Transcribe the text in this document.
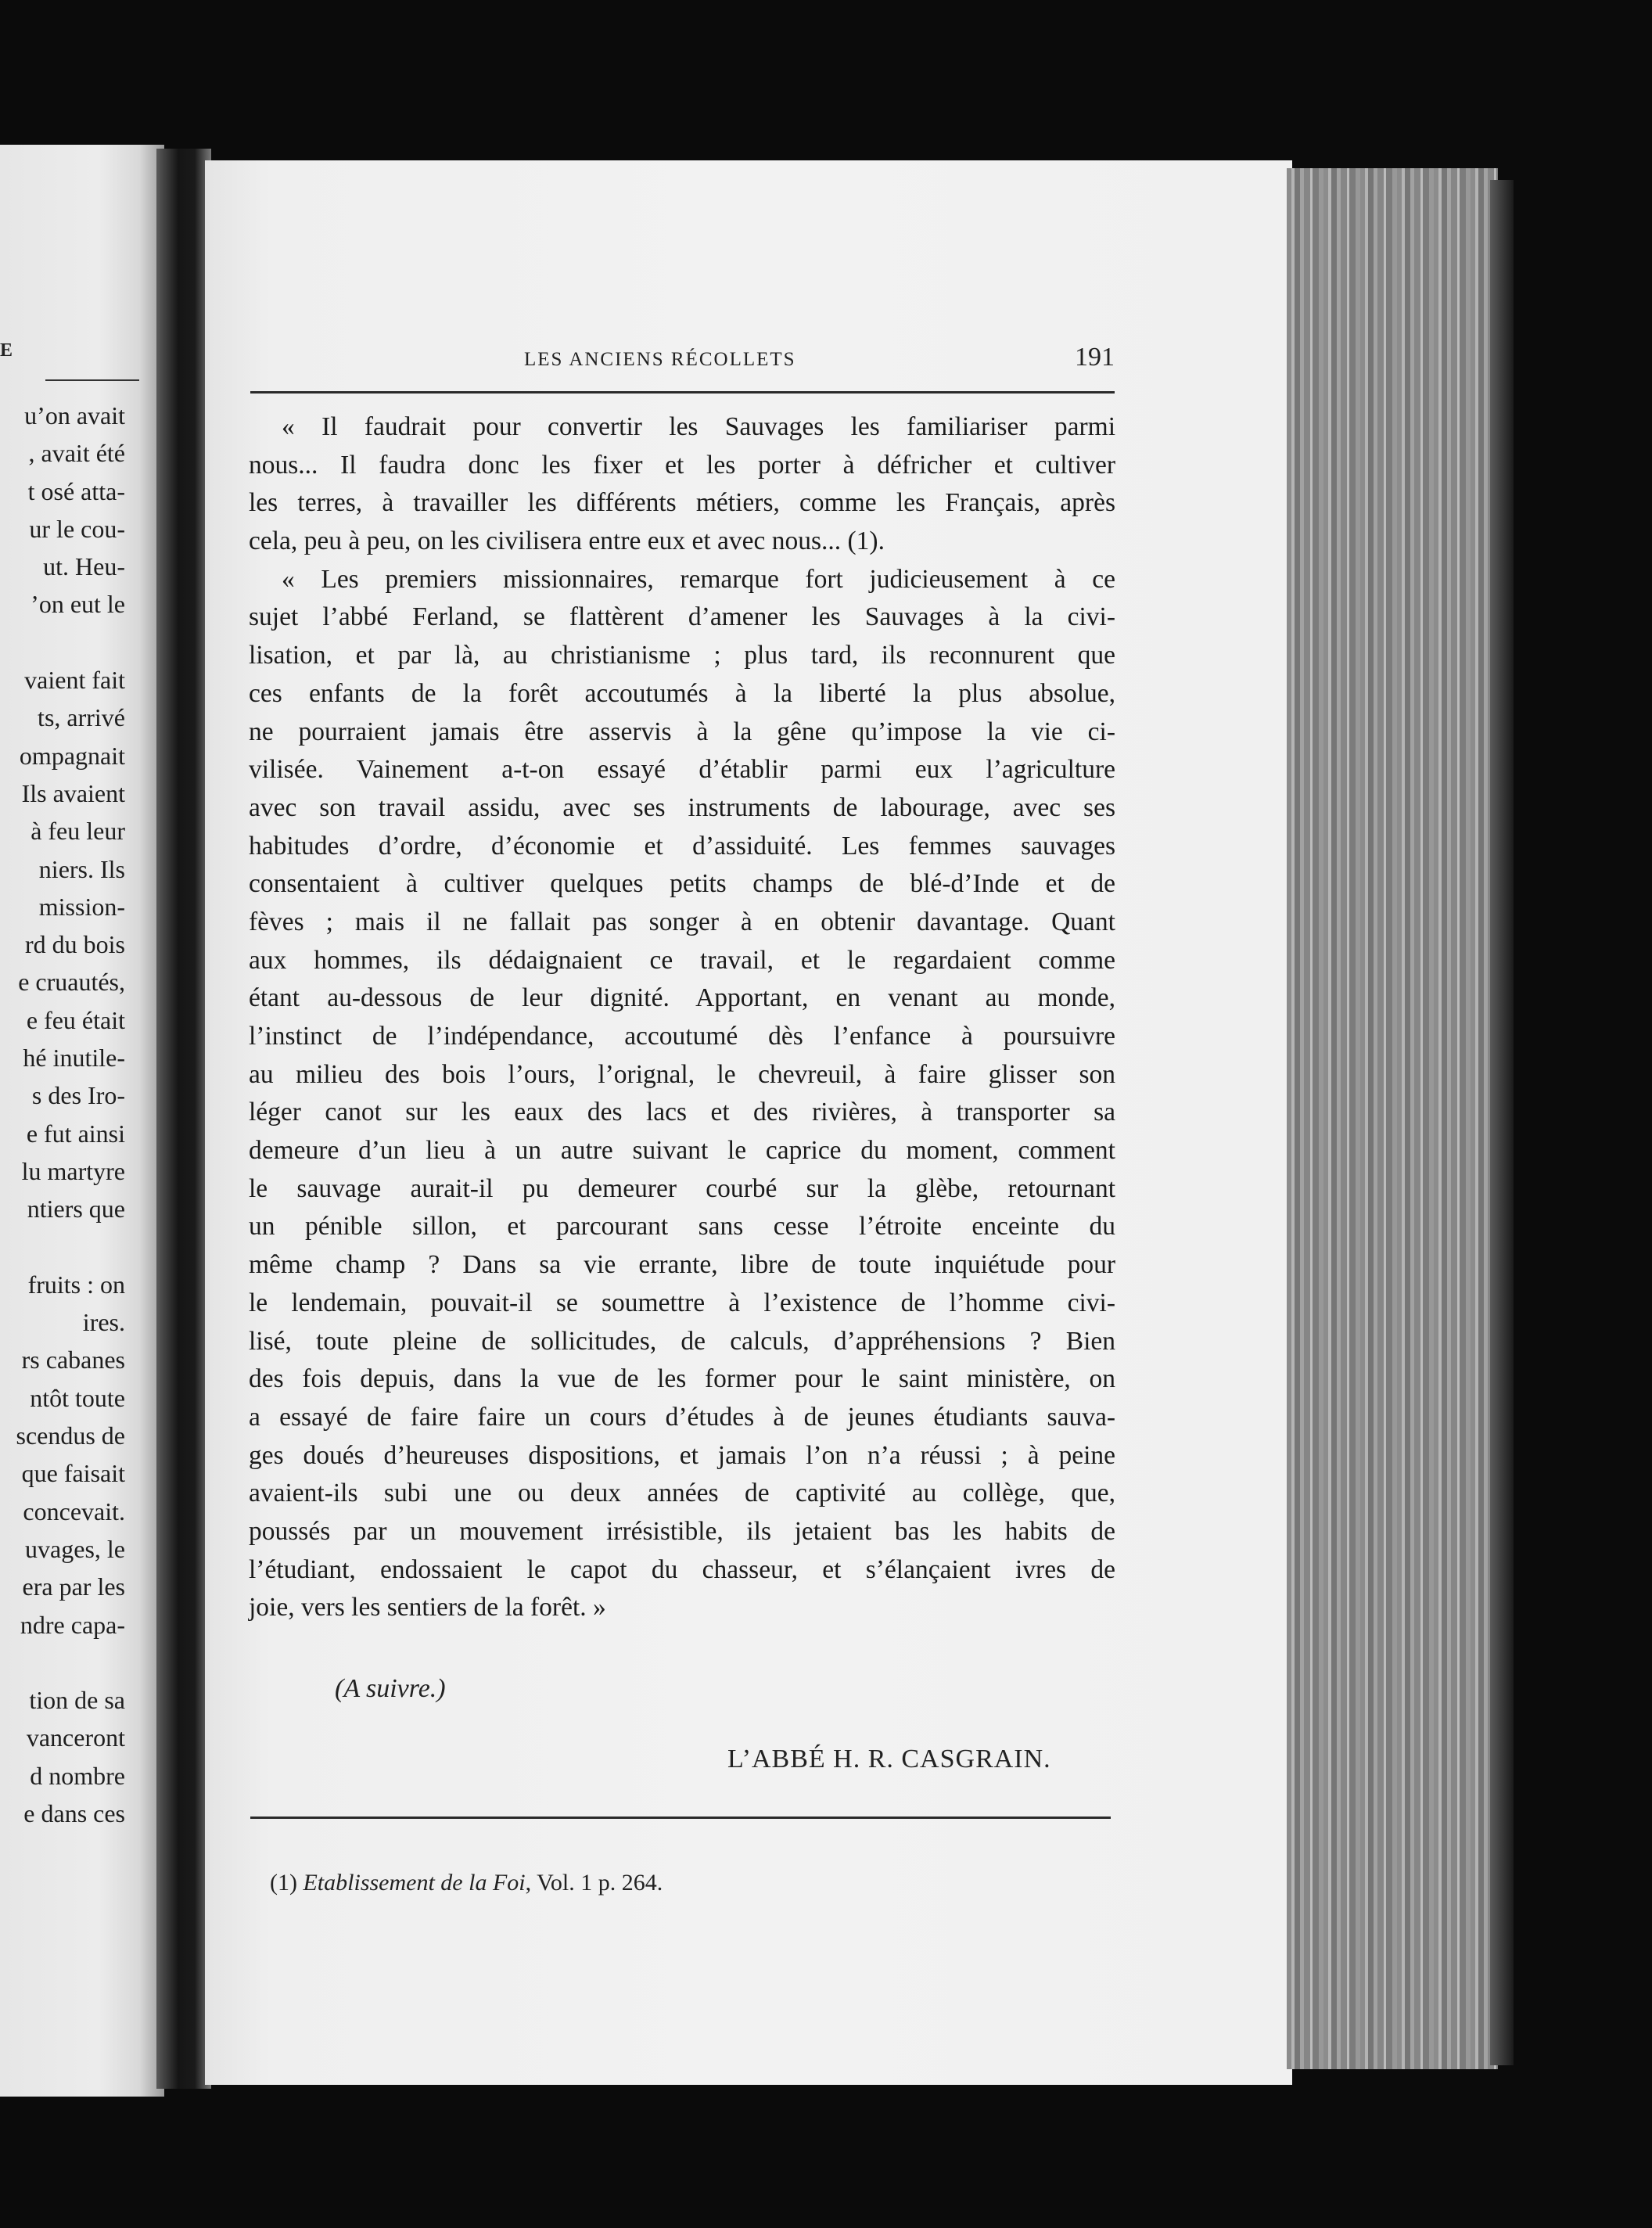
E
u’on avait
, avait été
t osé atta-
ur le cou-
ut. Heu-
’on eut le
vaient fait
ts, arrivé
ompagnait
Ils avaient
à feu leur
niers. Ils
mission-
rd du bois
e cruautés,
e feu était
hé inutile-
s des Iro-
e fut ainsi
lu martyre
ntiers que
fruits : on
ires.
rs cabanes
ntôt toute
scendus de
que faisait
concevait.
uvages, le
era par les
ndre capa-
tion de sa
vanceront
d nombre
e dans ces
LES ANCIENS RÉCOLLETS	191
« Il faudrait pour convertir les Sauvages les familiariser parmi
nous... Il faudra donc les fixer et les porter à défricher et cultiver
les terres, à travailler les différents métiers, comme les Français, après
cela, peu à peu, on les civilisera entre eux et avec nous... (1).
« Les premiers missionnaires, remarque fort judicieusement à ce
sujet l’abbé Ferland, se flattèrent d’amener les Sauvages à la civi-
lisation, et par là, au christianisme ; plus tard, ils reconnurent que
ces enfants de la forêt accoutumés à la liberté la plus absolue,
ne pourraient jamais être asservis à la gêne qu’impose la vie ci-
vilisée. Vainement a-t-on essayé d’établir parmi eux l’agriculture
avec son travail assidu, avec ses instruments de labourage, avec ses
habitudes d’ordre, d’économie et d’assiduité. Les femmes sauvages
consentaient à cultiver quelques petits champs de blé-d’Inde et de
fèves ; mais il ne fallait pas songer à en obtenir davantage. Quant
aux hommes, ils dédaignaient ce travail, et le regardaient comme
étant au-dessous de leur dignité. Apportant, en venant au monde,
l’instinct de l’indépendance, accoutumé dès l’enfance à poursuivre
au milieu des bois l’ours, l’orignal, le chevreuil, à faire glisser son
léger canot sur les eaux des lacs et des rivières, à transporter sa
demeure d’un lieu à un autre suivant le caprice du moment, comment
le sauvage aurait-il pu demeurer courbé sur la glèbe, retournant
un pénible sillon, et parcourant sans cesse l’étroite enceinte du
même champ ? Dans sa vie errante, libre de toute inquiétude pour
le lendemain, pouvait-il se soumettre à l’existence de l’homme civi-
lisé, toute pleine de sollicitudes, de calculs, d’appréhensions ? Bien
des fois depuis, dans la vue de les former pour le saint ministère, on
a essayé de faire faire un cours d’études à de jeunes étudiants sauva-
ges doués d’heureuses dispositions, et jamais l’on n’a réussi ; à peine
avaient-ils subi une ou deux années de captivité au collège, que,
poussés par un mouvement irrésistible, ils jetaient bas les habits de
l’étudiant, endossaient le capot du chasseur, et s’élançaient ivres de
joie, vers les sentiers de la forêt. »
(A suivre.)
L’ABBÉ H. R. CASGRAIN.
(1) Etablissement de la Foi, Vol. 1 p. 264.
